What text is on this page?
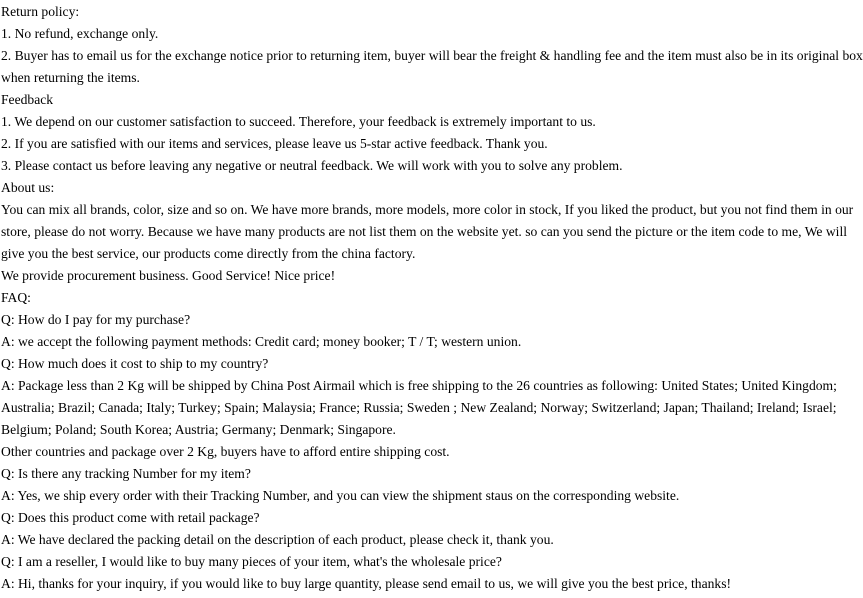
Return policy:

1. No refund, exchange only.

2. Buyer has to email us for the exchange notice prior to returning item, buyer will bear the freight & handling fee and the item must also be in its original box when returning the items.

Feedback

1. We depend on our customer satisfaction to succeed. Therefore, your feedback is extremely important to us.

2. If you are satisfied with our items and services, please leave us 5-star active feedback. Thank you.

3. Please contact us before leaving any negative or neutral feedback. We will work with you to solve any problem.

About us:

You can mix all brands, color, size and so on. We have more brands, more models, more color in stock, If you liked the product, but you not find them in our store, please do not worry. Because we have many products are not list them on the website yet. so can you send the picture or the item code to me, We will give you the best service, our products come directly from the china factory.

We provide procurement business. Good Service! Nice price!

FAQ:

Q: How do I pay for my purchase?

A: we accept the following payment methods: Credit card; money booker; T / T; western union.

Q: How much does it cost to ship to my country?

A: Package less than 2 Kg will be shipped by China Post Airmail which is free shipping to the 26 countries as following: United States; United Kingdom; Australia; Brazil; Canada; Italy; Turkey; Spain; Malaysia; France; Russia; Sweden ; New Zealand; Norway; Switzerland; Japan; Thailand; Ireland; Israel; Belgium; Poland; South Korea; Austria; Germany; Denmark; Singapore.

Other countries and package over 2 Kg, buyers have to afford entire shipping cost.

Q: Is there any tracking Number for my item?

A: Yes, we ship every order with their Tracking Number, and you can view the shipment staus on the corresponding website.

Q: Does this product come with retail package?

A: We have declared the packing detail on the description of each product, please check it, thank you.

Q: I am a reseller, I would like to buy many pieces of your item, what's the wholesale price?

A: Hi, thanks for your inquiry, if you would like to buy large quantity, please send email to us, we will give you the best price, thanks!
